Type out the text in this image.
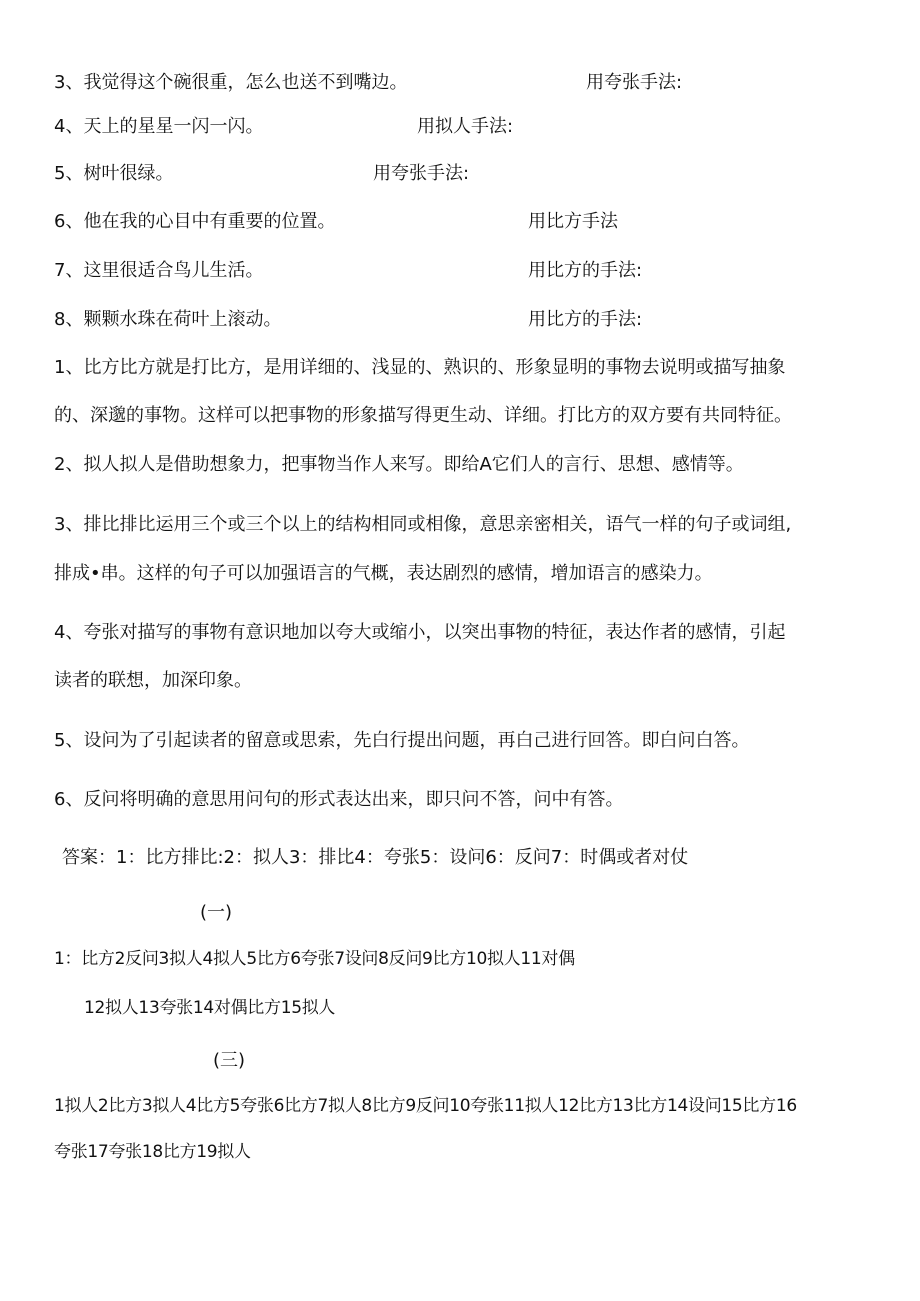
3、我觉得这个碗很重，怎么也送不到嘴边。	用夸张手法:
4、天上的星星一闪一闪。	用拟人手法:
5、树叶很绿。	用夸张手法:
6、他在我的心目中有重要的位置。	用比方手法
7、这里很适合鸟儿生活。	用比方的手法:
8、颗颗水珠在荷叶上滚动。	用比方的手法:
1、比方比方就是打比方，是用详细的、浅显的、熟识的、形象显明的事物去说明或描写抽象
的、深邈的事物。这样可以把事物的形象描写得更生动、详细。打比方的双方要有共同特征。
2、拟人拟人是借助想象力，把事物当作人来写。即给A它们人的言行、思想、感情等。
3、排比排比运用三个或三个以上的结构相同或相像，意思亲密相关，语气一样的句子或词组,
排成•串。这样的句子可以加强语言的气概，表达剧烈的感情，增加语言的感染力。
4、夸张对描写的事物有意识地加以夸大或缩小，以突出事物的特征，表达作者的感情，引起
读者的联想，加深印象。
5、设问为了引起读者的留意或思索，先白行提出问题，再白己进行回答。即白问白答。
6、反问将明确的意思用问句的形式表达出来，即只问不答，问中有答。
答案：1：比方排比:2：拟人3：排比4：夸张5：设问6：反问7：时偶或者对仗
(一)
1：比方2反问3拟人4拟人5比方6夸张7设问8反问9比方10拟人11对偶
12拟人13夸张14对偶比方15拟人
(三)
1拟人2比方3拟人4比方5夸张6比方7拟人8比方9反问10夸张11拟人12比方13比方14设问15比方16
夸张17夸张18比方19拟人
